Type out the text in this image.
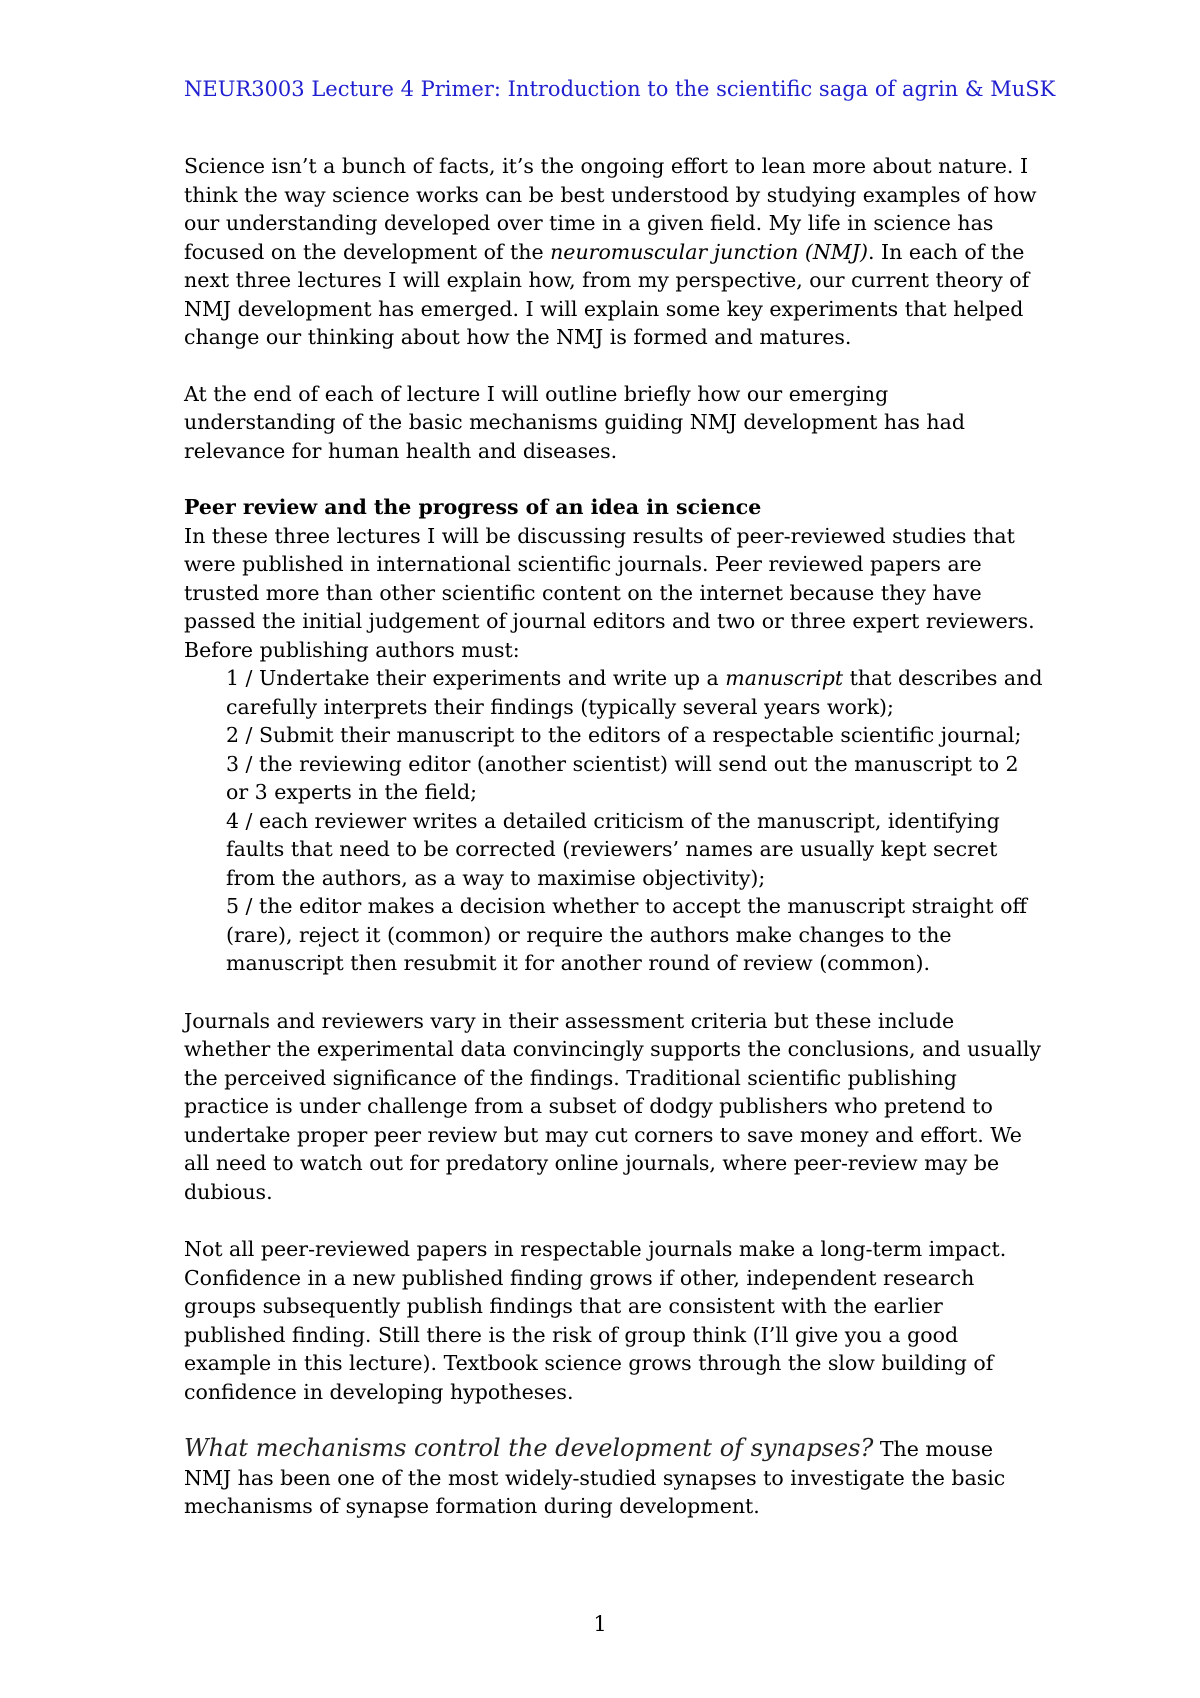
NEUR3003 Lecture 4 Primer: Introduction to the scientific saga of agrin & MuSK

Science isn’t a bunch of facts, it’s the ongoing effort to lean more about nature. I think the way science works can be best understood by studying examples of how our understanding developed over time in a given field. My life in science has focused on the development of the neuromuscular junction (NMJ). In each of the next three lectures I will explain how, from my perspective, our current theory of NMJ development has emerged. I will explain some key experiments that helped change our thinking about how the NMJ is formed and matures.

At the end of each of lecture I will outline briefly how our emerging understanding of the basic mechanisms guiding NMJ development has had relevance for human health and diseases.

Peer review and the progress of an idea in science

In these three lectures I will be discussing results of peer-reviewed studies that were published in international scientific journals. Peer reviewed papers are trusted more than other scientific content on the internet because they have passed the initial judgement of journal editors and two or three expert reviewers. Before publishing authors must:

1 / Undertake their experiments and write up a manuscript that describes and carefully interprets their findings (typically several years work);
2 / Submit their manuscript to the editors of a respectable scientific journal;
3 / the reviewing editor (another scientist) will send out the manuscript to 2 or 3 experts in the field;
4 / each reviewer writes a detailed criticism of the manuscript, identifying faults that need to be corrected (reviewers’ names are usually kept secret from the authors, as a way to maximise objectivity);
5 / the editor makes a decision whether to accept the manuscript straight off (rare), reject it (common) or require the authors make changes to the manuscript then resubmit it for another round of review (common).

Journals and reviewers vary in their assessment criteria but these include whether the experimental data convincingly supports the conclusions, and usually the perceived significance of the findings. Traditional scientific publishing practice is under challenge from a subset of dodgy publishers who pretend to undertake proper peer review but may cut corners to save money and effort. We all need to watch out for predatory online journals, where peer-review may be dubious.

Not all peer-reviewed papers in respectable journals make a long-term impact. Confidence in a new published finding grows if other, independent research groups subsequently publish findings that are consistent with the earlier published finding. Still there is the risk of group think (I’ll give you a good example in this lecture). Textbook science grows through the slow building of confidence in developing hypotheses.

What mechanisms control the development of synapses? The mouse NMJ has been one of the most widely-studied synapses to investigate the basic mechanisms of synapse formation during development.

1
